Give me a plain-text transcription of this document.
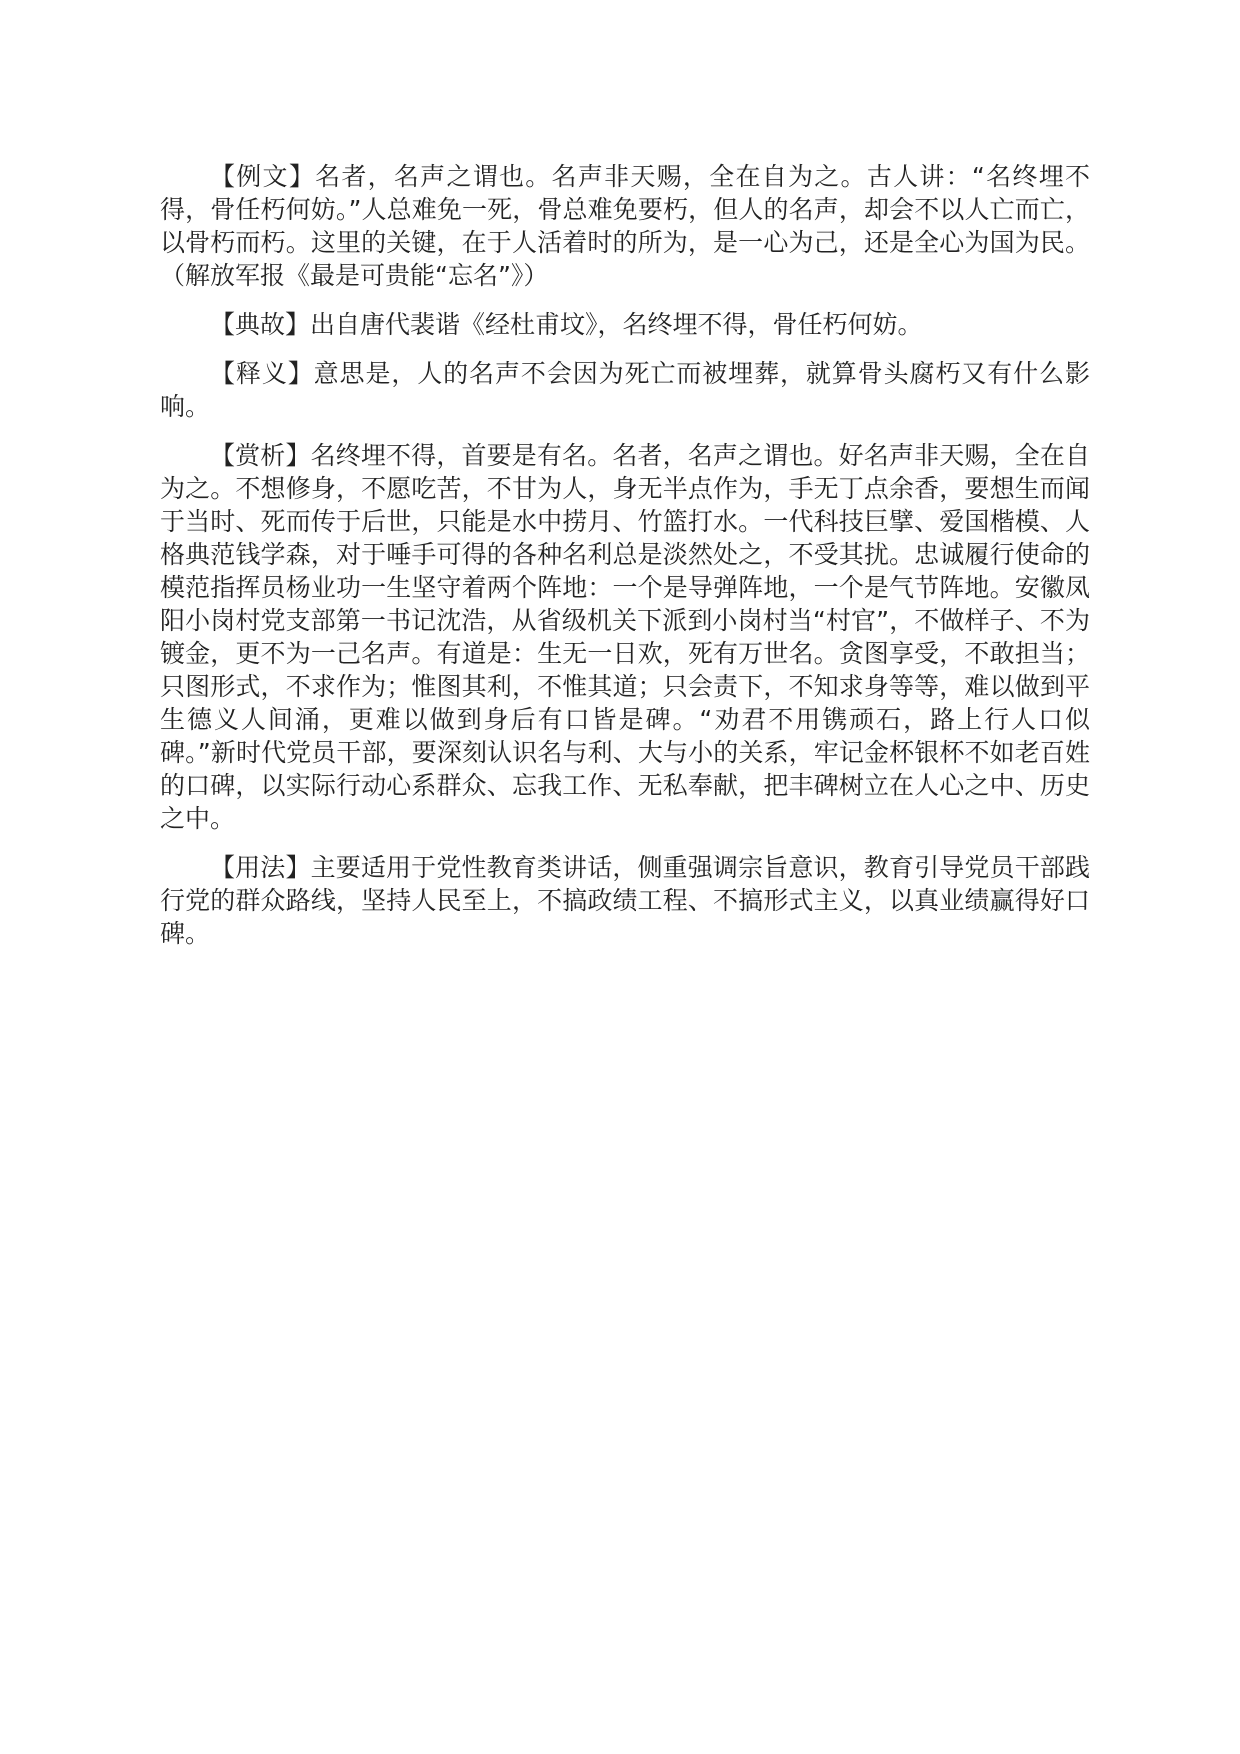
【例文】名者，名声之谓也。名声非天赐，全在自为之。古人讲：“名终埋不得，骨任朽何妨。”人总难免一死，骨总难免要朽，但人的名声，却会不以人亡而亡，以骨朽而朽。这里的关键，在于人活着时的所为，是一心为己，还是全心为国为民。（解放军报《最是可贵能“忘名”》）

【典故】出自唐代裴谐《经杜甫坟》，名终埋不得，骨任朽何妨。

【释义】意思是，人的名声不会因为死亡而被埋葬，就算骨头腐朽又有什么影响。

【赏析】名终埋不得，首要是有名。名者，名声之谓也。好名声非天赐，全在自为之。不想修身，不愿吃苦，不甘为人，身无半点作为，手无丁点余香，要想生而闻于当时、死而传于后世，只能是水中捞月、竹篮打水。一代科技巨擘、爱国楷模、人格典范钱学森，对于唾手可得的各种名利总是淡然处之，不受其扰。忠诚履行使命的模范指挥员杨业功一生坚守着两个阵地：一个是导弹阵地，一个是气节阵地。安徽凤阳小岗村党支部第一书记沈浩，从省级机关下派到小岗村当“村官”，不做样子、不为镀金，更不为一己名声。有道是：生无一日欢，死有万世名。贪图享受，不敢担当；只图形式，不求作为；惟图其利，不惟其道；只会责下，不知求身等等，难以做到平生德义人间涌，更难以做到身后有口皆是碑。“劝君不用镌顽石，路上行人口似碑。”新时代党员干部，要深刻认识名与利、大与小的关系，牢记金杯银杯不如老百姓的口碑，以实际行动心系群众、忘我工作、无私奉献，把丰碑树立在人心之中、历史之中。

【用法】主要适用于党性教育类讲话，侧重强调宗旨意识，教育引导党员干部践行党的群众路线，坚持人民至上，不搞政绩工程、不搞形式主义，以真业绩赢得好口碑。
